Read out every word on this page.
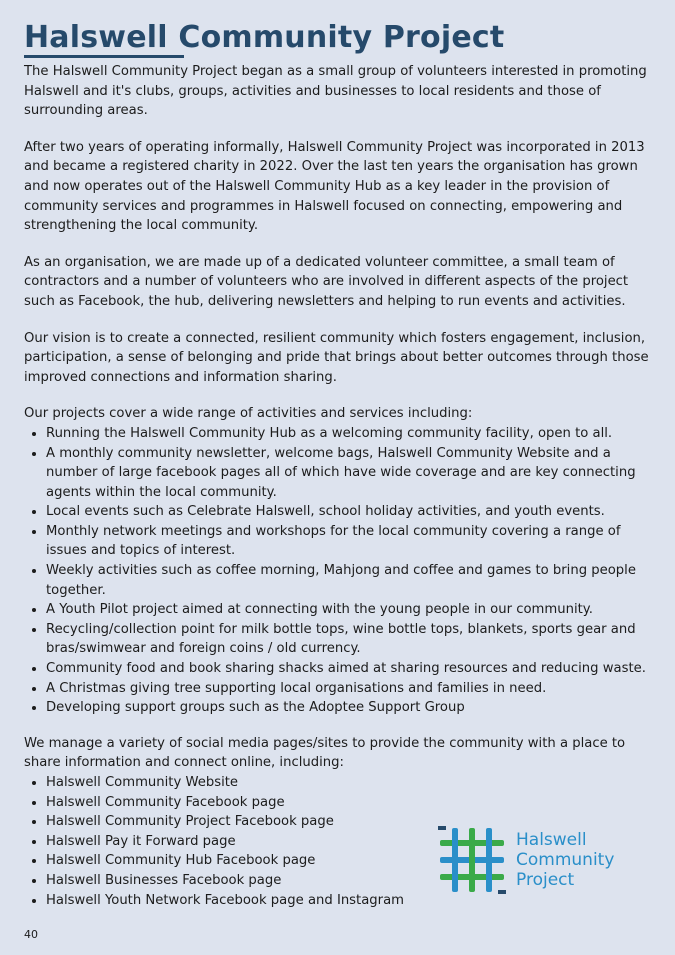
Halswell Community Project

The Halswell Community Project began as a small group of volunteers interested in promoting Halswell and it's clubs, groups, activities and businesses to local residents and those of surrounding areas.

After two years of operating informally, Halswell Community Project was incorporated in 2013 and became a registered charity in 2022. Over the last ten years the organisation has grown and now operates out of the Halswell Community Hub as a key leader in the provision of community services and programmes in Halswell focused on connecting, empowering and strengthening the local community.

As an organisation, we are made up of a dedicated volunteer committee, a small team of contractors and a number of volunteers who are involved in different aspects of the project such as Facebook, the hub, delivering newsletters and helping to run events and activities.

Our vision is to create a connected, resilient community which fosters engagement, inclusion, participation, a sense of belonging and pride that brings about better outcomes through those improved connections and information sharing.

Our projects cover a wide range of activities and services including:

• Running the Halswell Community Hub as a welcoming community facility, open to all.
• A monthly community newsletter, welcome bags, Halswell Community Website and a number of large facebook pages all of which have wide coverage and are key connecting agents within the local community.
• Local events such as Celebrate Halswell, school holiday activities, and youth events.
• Monthly network meetings and workshops for the local community covering a range of issues and topics of interest.
• Weekly activities such as coffee morning, Mahjong and coffee and games to bring people together.
• A Youth Pilot project aimed at connecting with the young people in our community.
• Recycling/collection point for milk bottle tops, wine bottle tops, blankets, sports gear and bras/swimwear and foreign coins / old currency.
• Community food and book sharing shacks aimed at sharing resources and reducing waste.
• A Christmas giving tree supporting local organisations and families in need.
• Developing support groups such as the Adoptee Support Group

We manage a variety of social media pages/sites to provide the community with a place to share information and connect online, including:

• Halswell Community Website
• Halswell Community Facebook page
• Halswell Community Project Facebook page
• Halswell Pay it Forward page
• Halswell Community Hub Facebook page
• Halswell Businesses Facebook page
• Halswell Youth Network Facebook page and Instagram
Halswell
Community
Project
40
